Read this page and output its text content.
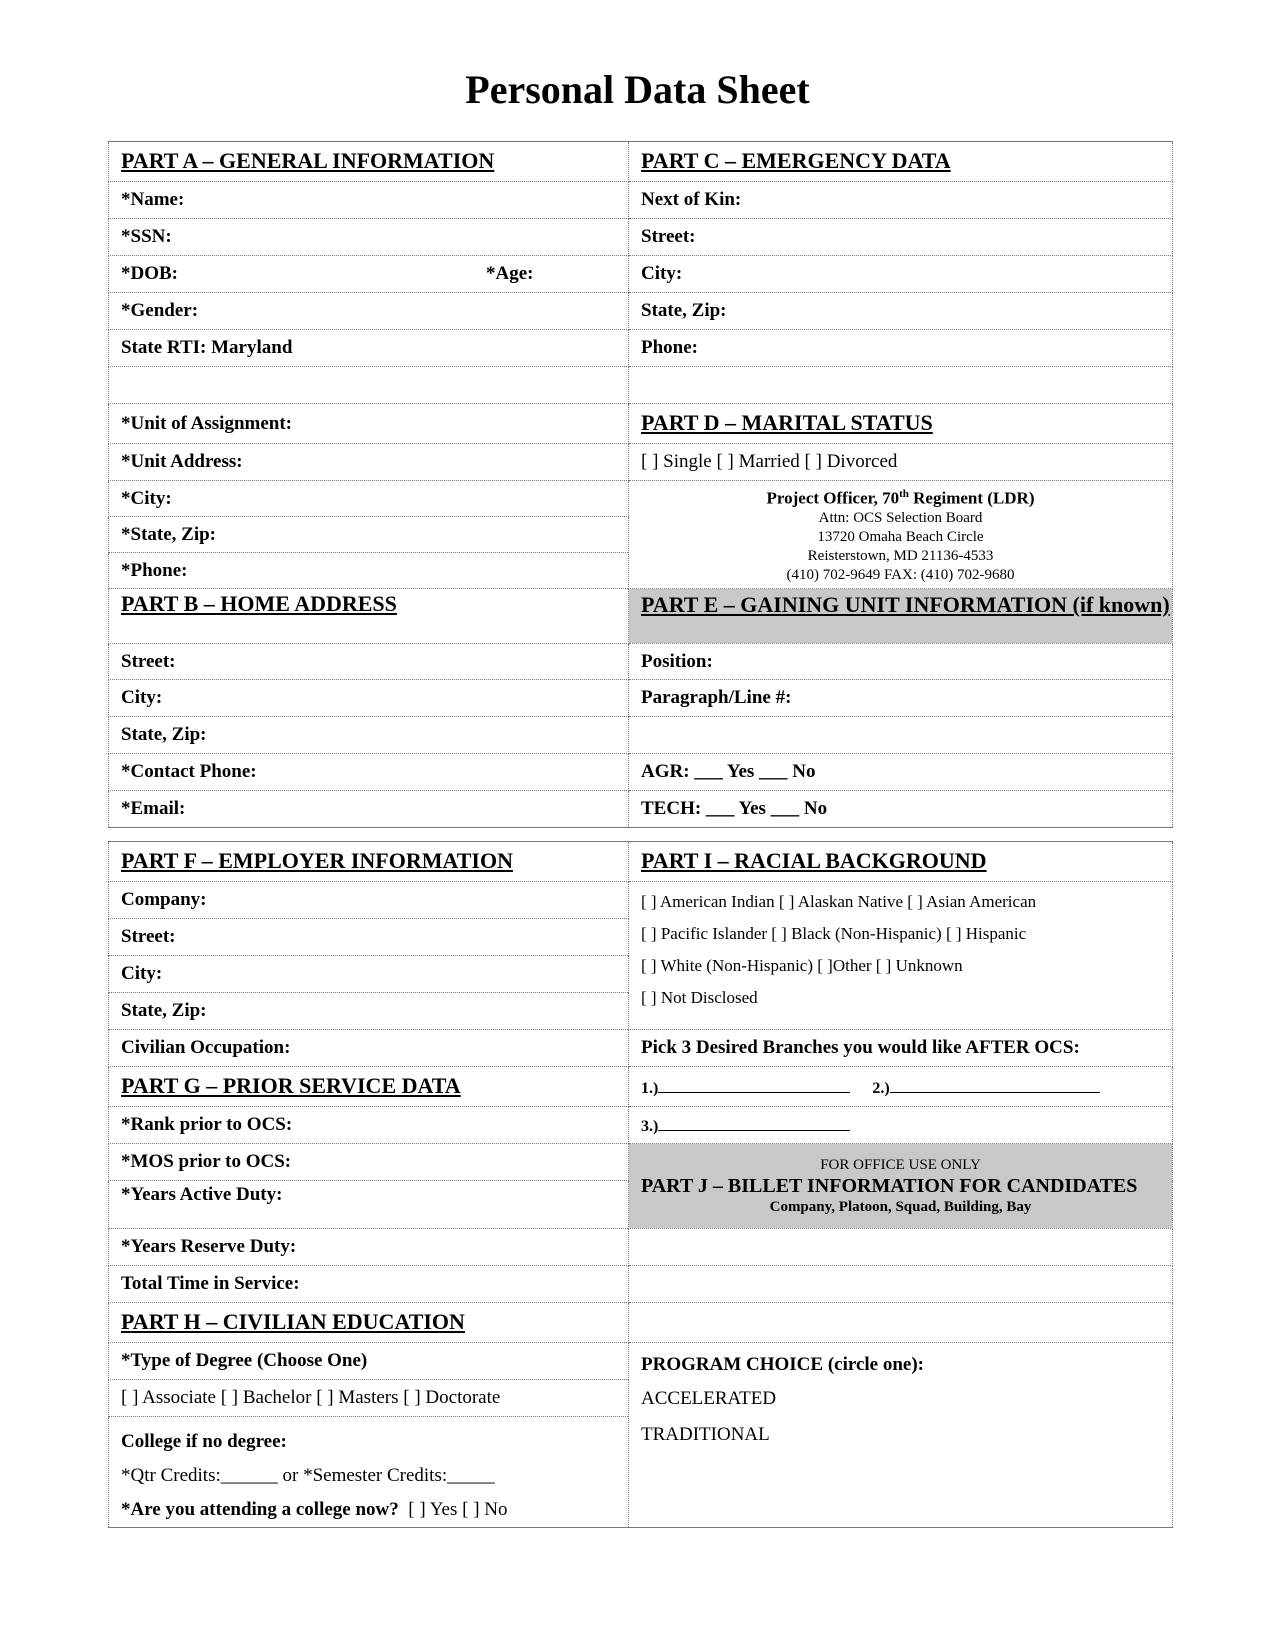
Personal Data Sheet
PART A – GENERAL INFORMATION	PART C – EMERGENCY DATA
*Name:	Next of Kin:
*SSN:	Street:

*DOB: *Age:	City:
*Gender:	State, Zip:
State RTI: Maryland	Phone:

*Unit of Assignment:	PART D – MARITAL STATUS
*Unit Address:	[ ] Single [ ] Married [ ] Divorced
*City:	Project Officer, 70th Regiment (LDR)
Attn: OCS Selection Board
13720 Omaha Beach Circle
Reisterstown, MD 21136-4533
(410) 702-9649 FAX: (410) 702-9680

*State, Zip:	
*Phone:	
PART B – HOME ADDRESS	PART E – GAINING UNIT INFORMATION (if known)
Street:	Position:
City:	Paragraph/Line #:
State, Zip:	
*Contact Phone:	AGR: ___ Yes ___ No
*Email:	TECH: ___ Yes ___ No
PART F – EMPLOYER INFORMATION	PART I – RACIAL BACKGROUND
Company:	[ ] American Indian [ ] Alaskan Native [ ] Asian American
[ ] Pacific Islander [ ] Black (Non-Hispanic) [ ] Hispanic
[ ] White (Non-Hispanic) [ ]Other [ ] Unknown
[ ] Not Disclosed

Street:	
City:	
State, Zip:	
Civilian Occupation:	Pick 3 Desired Branches you would like AFTER OCS:
PART G – PRIOR SERVICE DATA	1.) 2.)
*Rank prior to OCS:	3.)
*MOS prior to OCS:	FOR OFFICE USE ONLY
PART J – BILLET INFORMATION FOR CANDIDATES
Company, Platoon, Squad, Building, Bay

*Years Active Duty:	
*Years Reserve Duty:	
Total Time in Service:	
PART H – CIVILIAN EDUCATION	
*Type of Degree (Choose One)	PROGRAM CHOICE (circle one):
ACCELERATED
TRADITIONAL

[ ] Associate [ ] Bachelor [ ] Masters [ ] Doctorate	

College if no degree:
*Qtr Credits:______ or *Semester Credits:_____
*Are you attending a college now? [ ] Yes [ ] No	
